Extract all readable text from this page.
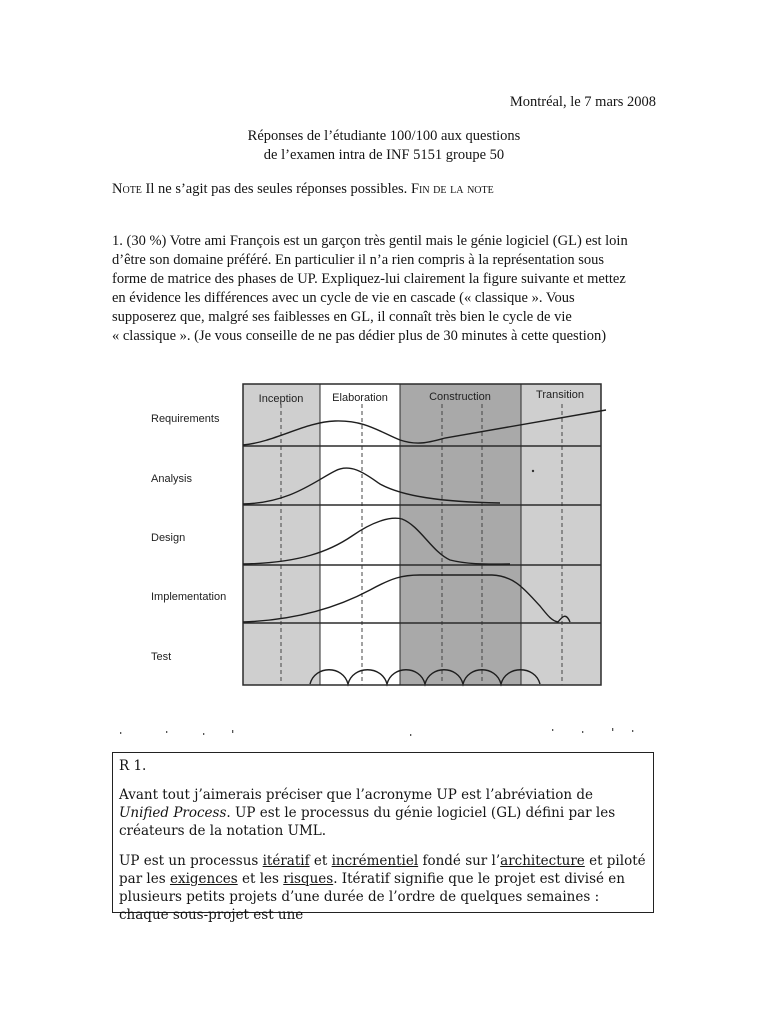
Montréal, le 7 mars 2008
Réponses de l’étudiante 100/100 aux questions
de l’examen intra de INF 5151 groupe 50
Note Il ne s’agit pas des seules réponses possibles. Fin de la note
1. (30 %) Votre ami François est un garçon très gentil mais le génie logiciel (GL) est loin
d’être son domaine préféré. En particulier il n’a rien compris à la représentation sous
forme de matrice des phases de UP. Expliquez-lui clairement la figure suivante et mettez
en évidence les différences avec un cycle de vie en cascade (« classique ». Vous
supposerez que, malgré ses faiblesses en GL, il connaît très bien le cycle de vie
« classique ». (Je vous conseille de ne pas dédier plus de 30 minutes à cette question)
Inception	Elaboration	Construction	Transition
Requirements
Analysis
Design
Implementation
Test

R 1.

Avant tout j’aimerais préciser que l’acronyme UP est l’abréviation de Unified Process. UP est le processus du génie logiciel (GL) défini par les créateurs de la notation UML.

UP est un processus itératif et incrémentiel fondé sur l’architecture et piloté par les exigences et les risques. Itératif signifie que le projet est divisé en plusieurs petits projets d’une durée de l’ordre de quelques semaines : chaque sous-projet est une
